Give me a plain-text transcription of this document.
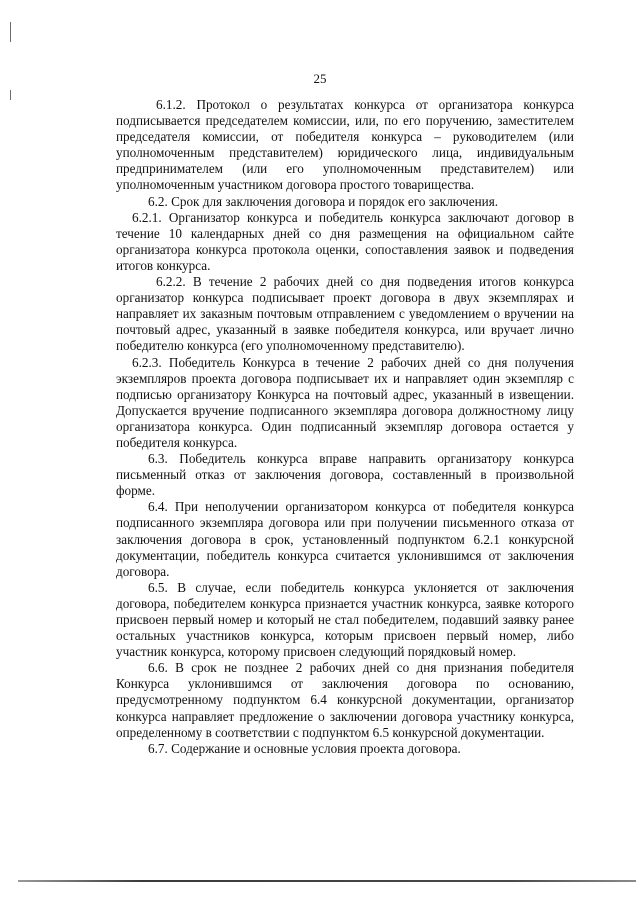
25

6.1.2. Протокол о результатах конкурса от организатора конкурса подписывается председателем комиссии, или, по его поручению, заместителем председателя комиссии, от победителя конкурса – руководителем (или уполномоченным представителем) юридического лица, индивидуальным предпринимателем (или его уполномоченным представителем) или уполномоченным участником договора простого товарищества.

6.2. Срок для заключения договора и порядок его заключения.

6.2.1. Организатор конкурса и победитель конкурса заключают договор в течение 10 календарных дней со дня размещения на официальном сайте организатора конкурса протокола оценки, сопоставления заявок и подведения итогов конкурса.

6.2.2. В течение 2 рабочих дней со дня подведения итогов конкурса организатор конкурса подписывает проект договора в двух экземплярах и направляет их заказным почтовым отправлением с уведомлением о вручении на почтовый адрес, указанный в заявке победителя конкурса, или вручает лично победителю конкурса (его уполномоченному представителю).

6.2.3. Победитель Конкурса в течение 2 рабочих дней со дня получения экземпляров проекта договора подписывает их и направляет один экземпляр с подписью организатору Конкурса на почтовый адрес, указанный в извещении. Допускается вручение подписанного экземпляра договора должностному лицу организатора конкурса. Один подписанный экземпляр договора остается у победителя конкурса.

6.3. Победитель конкурса вправе направить организатору конкурса письменный отказ от заключения договора, составленный в произвольной форме.

6.4. При неполучении организатором конкурса от победителя конкурса подписанного экземпляра договора или при получении письменного отказа от заключения договора в срок, установленный подпунктом 6.2.1 конкурсной документации, победитель конкурса считается уклонившимся от заключения договора.

6.5. В случае, если победитель конкурса уклоняется от заключения договора, победителем конкурса признается участник конкурса, заявке которого присвоен первый номер и который не стал победителем, подавший заявку ранее остальных участников конкурса, которым присвоен первый номер, либо участник конкурса, которому присвоен следующий порядковый номер.

6.6. В срок не позднее 2 рабочих дней со дня признания победителя Конкурса уклонившимся от заключения договора по основанию, предусмотренному подпунктом 6.4 конкурсной документации, организатор конкурса направляет предложение о заключении договора участнику конкурса, определенному в соответствии с подпунктом 6.5 конкурсной документации.

6.7. Содержание и основные условия проекта договора.
